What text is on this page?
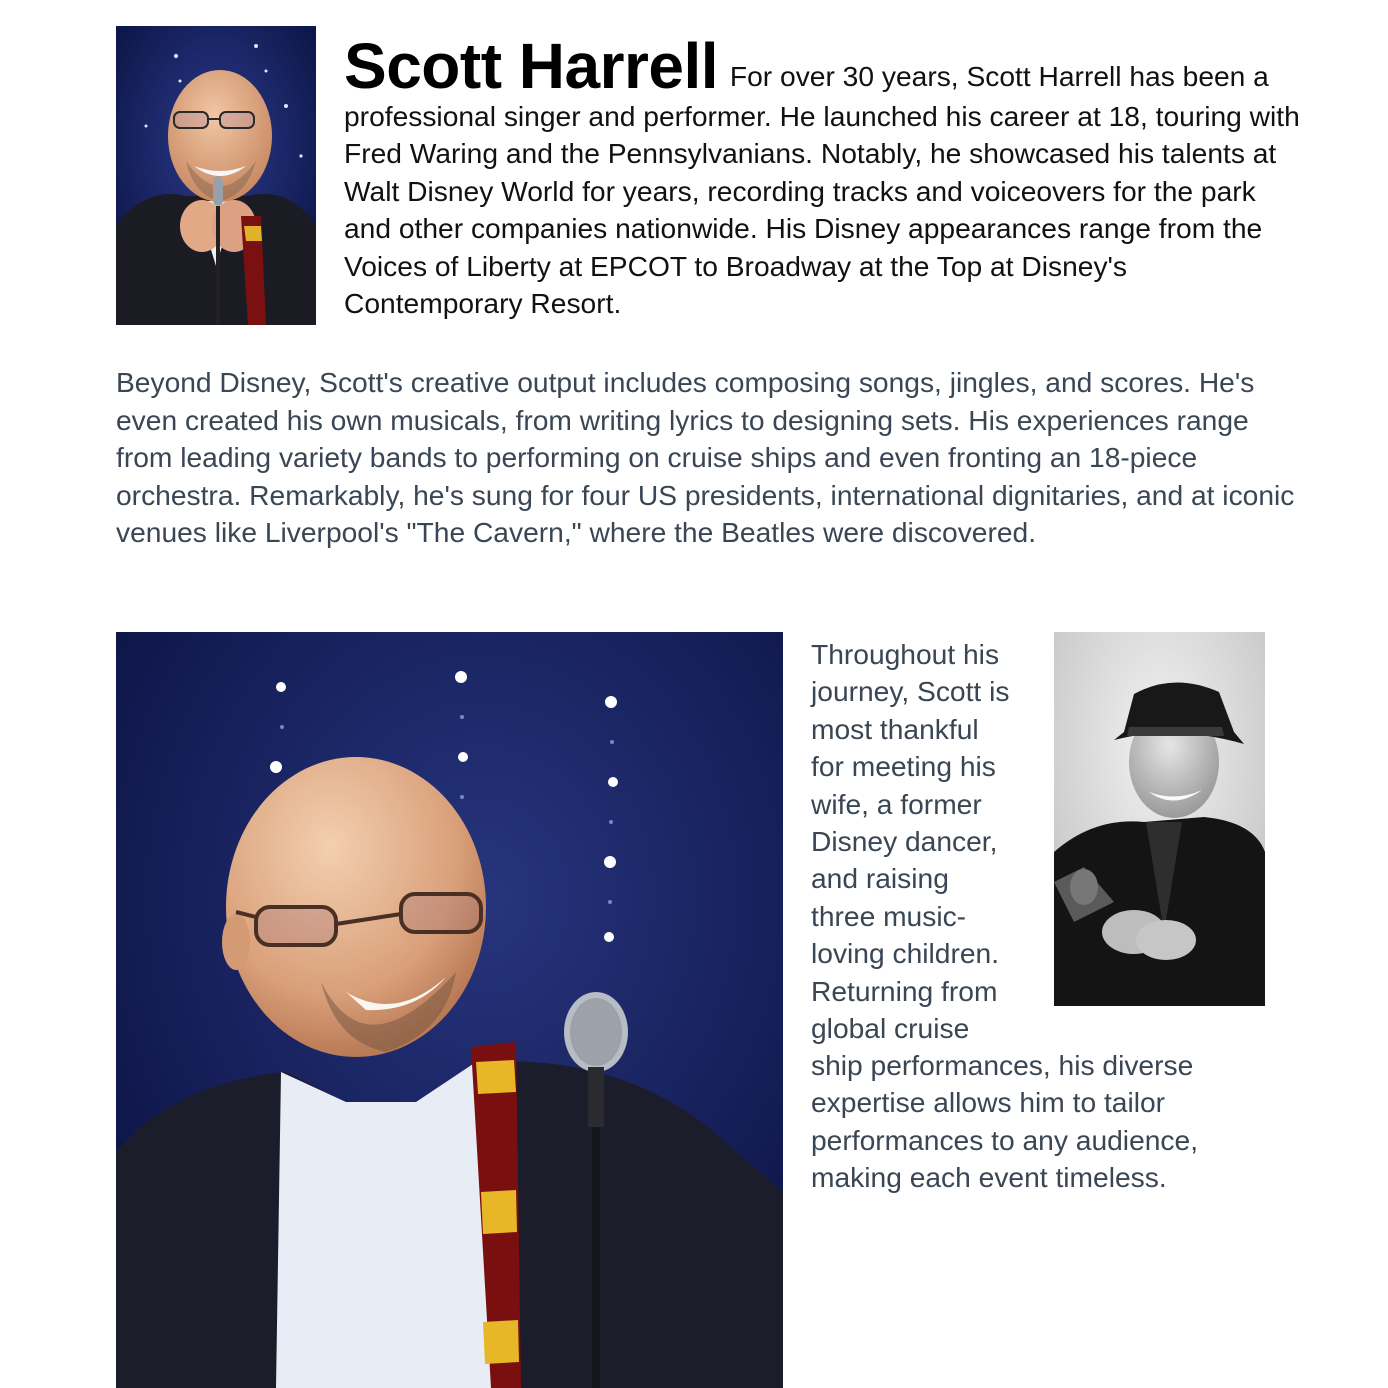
Scott Harrell For over 30 years, Scott Harrell has been a professional singer and performer. He launched his career at 18, touring with Fred Waring and the Pennsylvanians. Notably, he showcased his talents at Walt Disney World for years, recording tracks and voiceovers for the park and other companies nationwide. His Disney appearances range from the Voices of Liberty at EPCOT to Broadway at the Top at Disney's Contemporary Resort.

Beyond Disney, Scott's creative output includes composing songs, jingles, and scores. He's even created his own musicals, from writing lyrics to designing sets. His experiences range from leading variety bands to performing on cruise ships and even fronting an 18-piece orchestra. Remarkably, he's sung for four US presidents, international dignitaries, and at iconic venues like Liverpool's "The Cavern," where the Beatles were discovered.

Throughout his
journey, Scott is
most thankful
for meeting his
wife, a former
Disney dancer,
and raising
three music-
loving children.
Returning from
global cruise
ship performances, his diverse
expertise allows him to tailor
performances to any audience,
making each event timeless.
